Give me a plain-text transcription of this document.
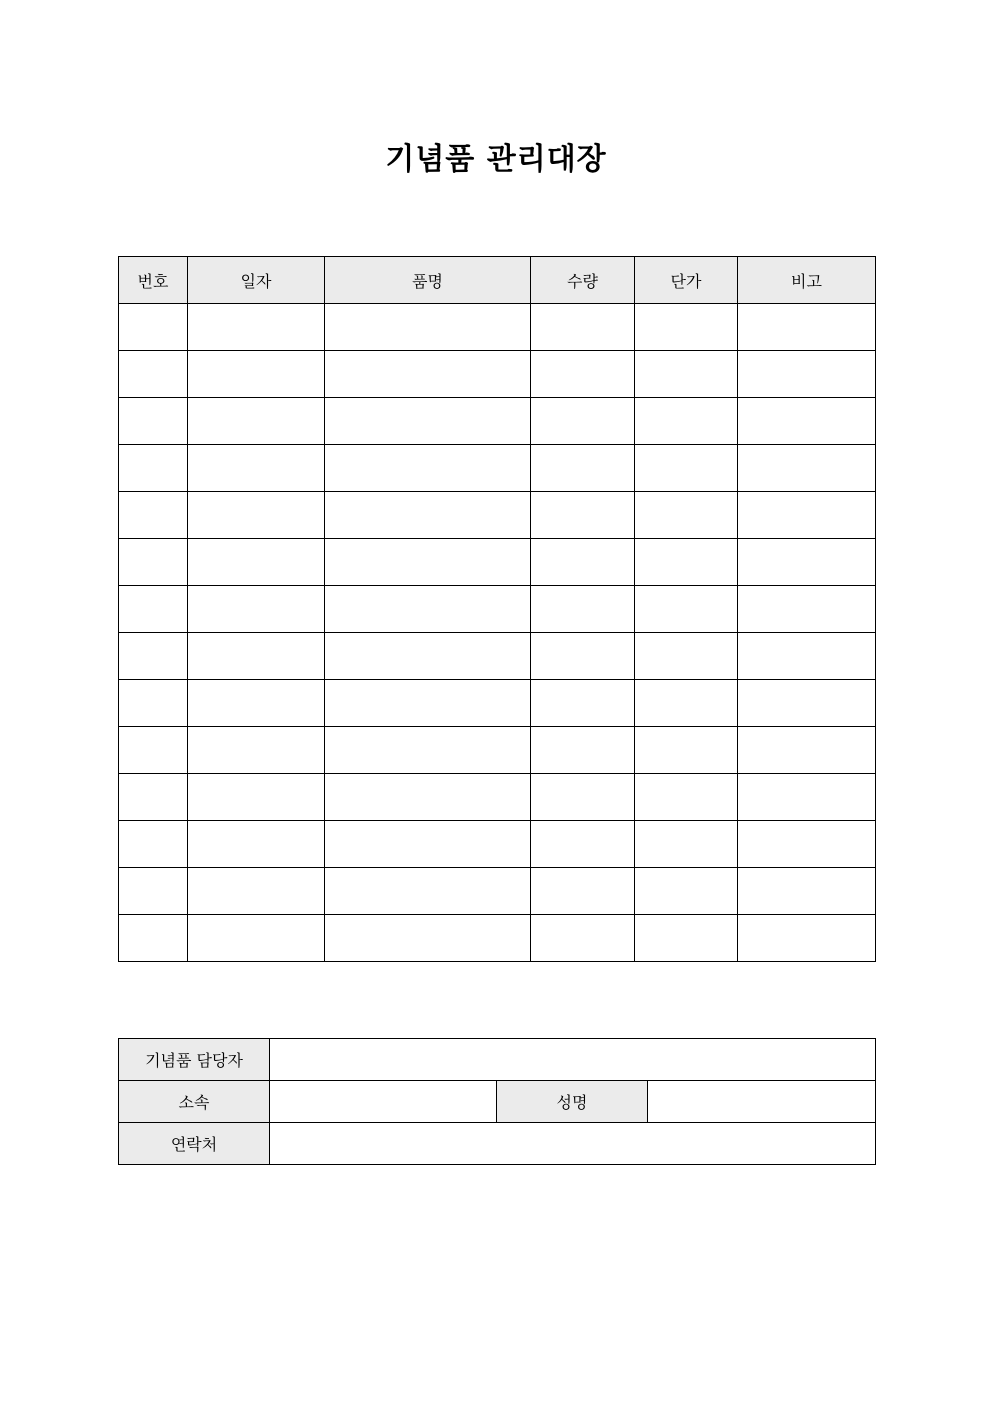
기념품 관리대장
번호	일자	품명	수량	단가	비고

기념품 담당자			
소속		성명	
연락처			
